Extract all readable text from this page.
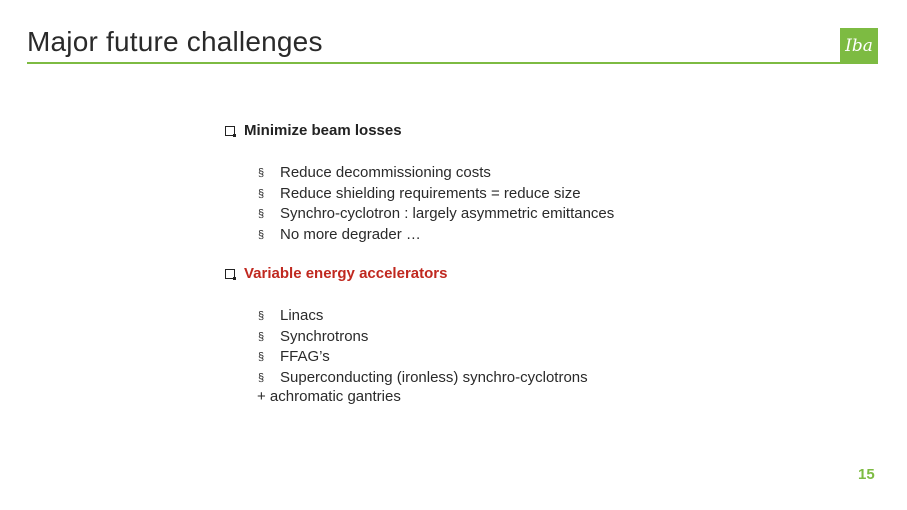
Major future challenges	Iba
Minimize beam losses
§	Reduce decommissioning costs
§	Reduce shielding requirements = reduce size
§	Synchro-cyclotron : largely asymmetric emittances
§	No more degrader …
Variable energy accelerators
§	Linacs
§	Synchrotrons
§	FFAG’s
§	Superconducting (ironless) synchro-cyclotrons
+ achromatic gantries
15
